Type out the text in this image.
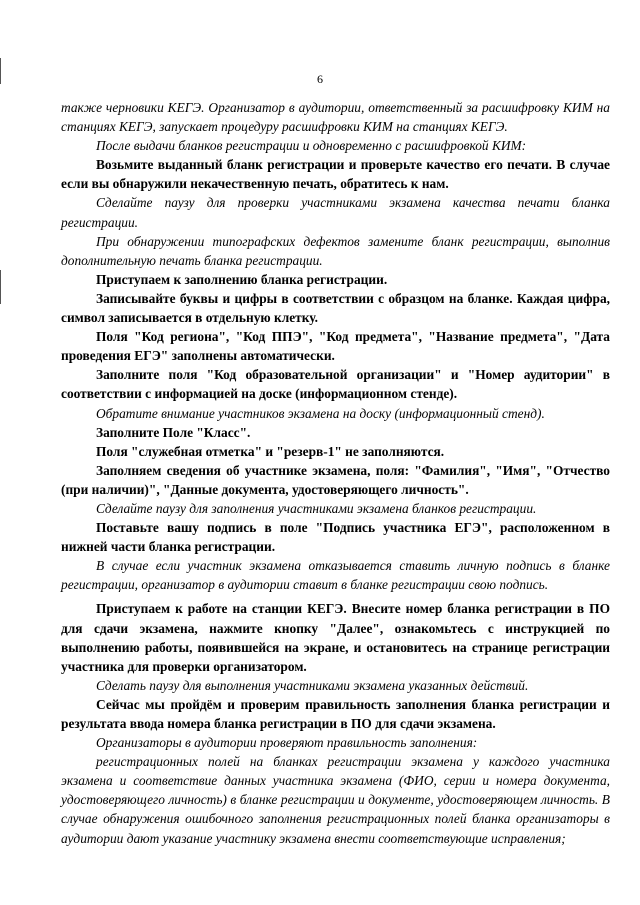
6

также черновики КЕГЭ. Организатор в аудитории, ответственный за расшифровку КИМ на станциях КЕГЭ, запускает процедуру расшифровки КИМ на станциях КЕГЭ.

После выдачи бланков регистрации и одновременно с расшифровкой КИМ:

Возьмите выданный бланк регистрации и проверьте качество его печати. В случае если вы обнаружили некачественную печать, обратитесь к нам.

Сделайте паузу для проверки участниками экзамена качества печати бланка регистрации.

При обнаружении типографских дефектов замените бланк регистрации, выполнив дополнительную печать бланка регистрации.

Приступаем к заполнению бланка регистрации.

Записывайте буквы и цифры в соответствии с образцом на бланке. Каждая цифра, символ записывается в отдельную клетку.

Поля "Код региона", "Код ППЭ", "Код предмета", "Название предмета", "Дата проведения ЕГЭ" заполнены автоматически.

Заполните поля "Код образовательной организации" и "Номер аудитории" в соответствии с информацией на доске (информационном стенде).

Обратите внимание участников экзамена на доску (информационный стенд).

Заполните Поле "Класс".

Поля "служебная отметка" и "резерв-1" не заполняются.

Заполняем сведения об участнике экзамена, поля: "Фамилия", "Имя", "Отчество (при наличии)", "Данные документа, удостоверяющего личность".

Сделайте паузу для заполнения участниками экзамена бланков регистрации.

Поставьте вашу подпись в поле "Подпись участника ЕГЭ", расположенном в нижней части бланка регистрации.

В случае если участник экзамена отказывается ставить личную подпись в бланке регистрации, организатор в аудитории ставит в бланке регистрации свою подпись.

Приступаем к работе на станции КЕГЭ. Внесите номер бланка регистрации в ПО для сдачи экзамена, нажмите кнопку "Далее", ознакомьтесь с инструкцией по выполнению работы, появившейся на экране, и остановитесь на странице регистрации участника для проверки организатором.

Сделать паузу для выполнения участниками экзамена указанных действий.

Сейчас мы пройдём и проверим правильность заполнения бланка регистрации и результата ввода номера бланка регистрации в ПО для сдачи экзамена.

Организаторы в аудитории проверяют правильность заполнения:

регистрационных полей на бланках регистрации экзамена у каждого участника экзамена и соответствие данных участника экзамена (ФИО, серии и номера документа, удостоверяющего личность) в бланке регистрации и документе, удостоверяющем личность. В случае обнаружения ошибочного заполнения регистрационных полей бланка организаторы в аудитории дают указание участнику экзамена внести соответствующие исправления;
